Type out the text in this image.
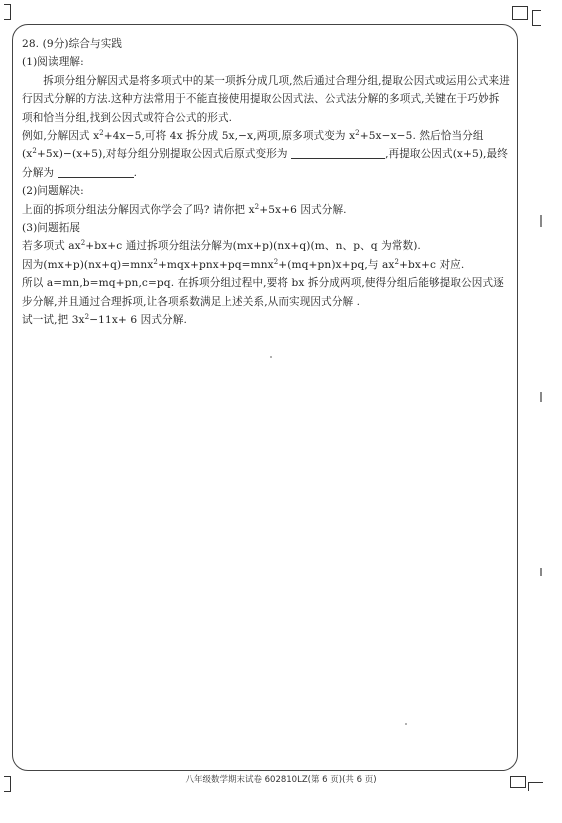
28. (9分)综合与实践

(1)阅读理解:

拆项分组分解因式是将多项式中的某一项拆分成几项,然后通过合理分组,提取公因式或运用公式来进行因式分解的方法.这种方法常用于不能直接使用提取公因式法、公式法分解的多项式,关键在于巧妙拆项和恰当分组,找到公因式或符合公式的形式.

例如,分解因式 $x^2+4x-5$,可将 4x 拆分成 5x,−x,两项,原多项式变为 $x^2+5x-x-5$. 然后恰当分组$(x^2+5x)-(x+5)$,对每分组分别提取公因式后原式变形为	,再提取公因式(x+5),最终分解为	.

(2)问题解决:

上面的拆项分组法分解因式你学会了吗? 请你把 $x^2+5x+6$ 因式分解.

(3)问题拓展

若多项式 $ax^2+bx+c$ 通过拆项分组法分解为(mx+p)(nx+q)(m、n、p、q 为常数).

因为(mx+p)(nx+q)=mnx$^2$+mqx+pnx+pq=mnx$^2$+(mq+pn)x+pq,与 $ax^2+bx+c$ 对应.

所以 a=mn,b=mq+pn,c=pq. 在拆项分组过程中,要将 bx 拆分成两项,使得分组后能够提取公因式逐步分解,并且通过合理拆项,让各项系数满足上述关系,从而实现因式分解 .

试一试,把 $3x^2-11x+ 6$ 因式分解.

八年级数学期末试卷 602810LZ(第 6 页)(共 6 页)
